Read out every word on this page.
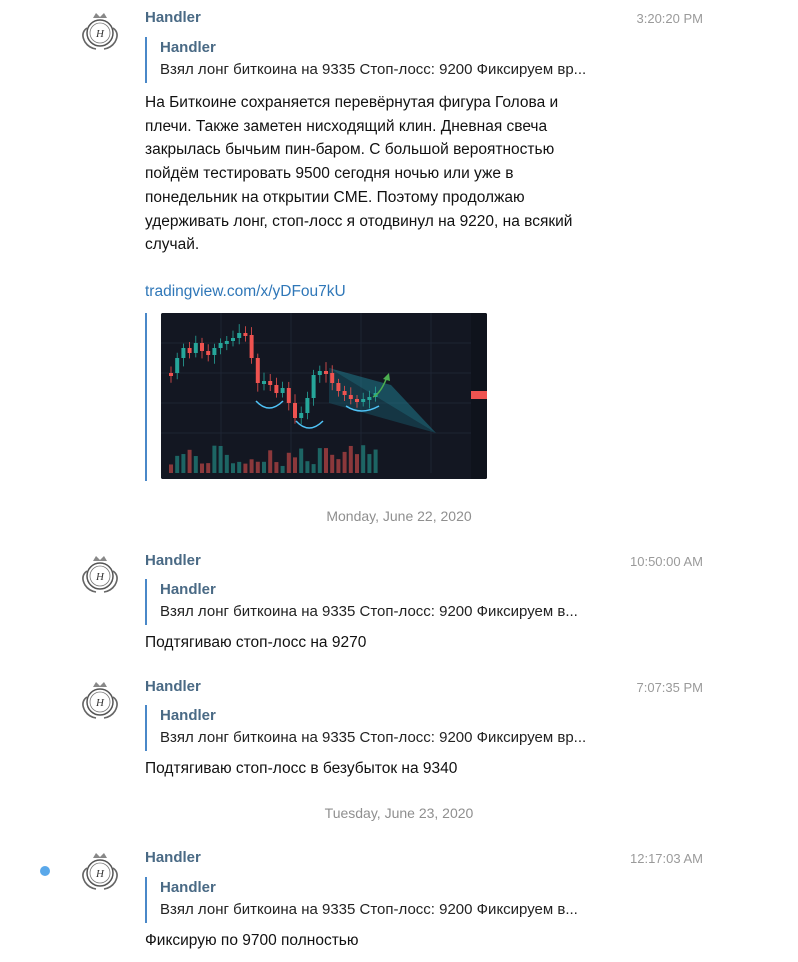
H
Handler	3:20:20 PM
Handler
Взял лонг биткоина на 9335 Стоп-лосс: 9200 Фиксируем вр...
На Биткоине сохраняется перевёрнутая фигура Голова и плечи. Также заметен нисходящий клин. Дневная свеча закрылась бычьим пин-баром. С большой вероятностью пойдём тестировать 9500 сегодня ночью или уже в понедельник на открытии CME. Поэтому продолжаю удерживать лонг, стоп-лосс я отодвинул на 9220, на всякий случай.
tradingview.com/x/yDFou7kU
Monday, June 22, 2020
H
Handler	10:50:00 AM
Handler
Взял лонг биткоина на 9335 Стоп-лосс: 9200 Фиксируем в...
Подтягиваю стоп-лосс на 9270
H
Handler	7:07:35 PM
Handler
Взял лонг биткоина на 9335 Стоп-лосс: 9200 Фиксируем вр...
Подтягиваю стоп-лосс в безубыток на 9340
Tuesday, June 23, 2020
H
Handler	12:17:03 AM
Handler
Взял лонг биткоина на 9335 Стоп-лосс: 9200 Фиксируем в...
Фиксирую по 9700 полностью
